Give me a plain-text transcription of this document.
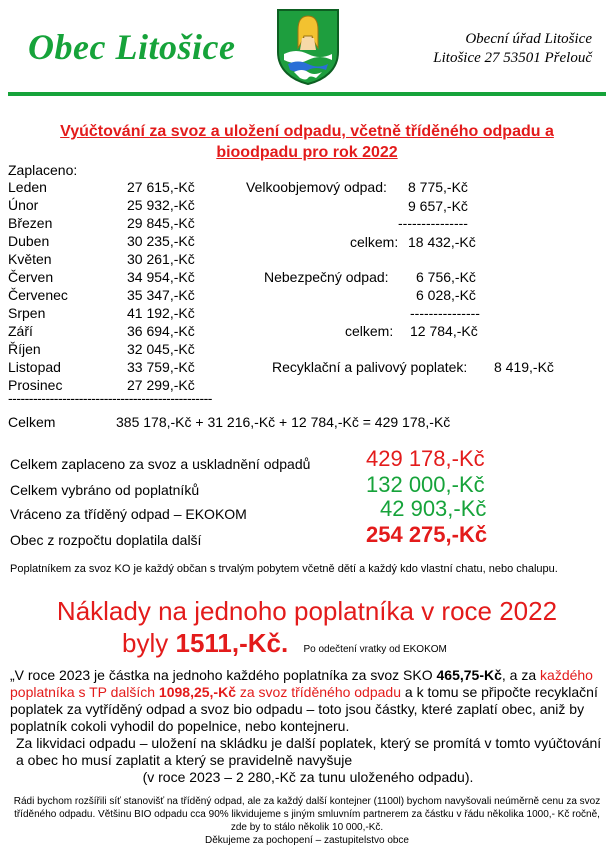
Obec Litošice	Obecní úřad Litošice
Litošice 27 53501 Přelouč
Vyúčtování za svoz a uložení odpadu, včetně tříděného odpadu a
bioodpadu pro rok 2022
Zaplaceno:
Leden	27 615,-Kč
Únor	25 932,-Kč
Březen	29 845,-Kč
Duben	30 235,-Kč
Květen	30 261,-Kč
Červen	34 954,-Kč
Červenec	35 347,-Kč
Srpen	41 192,-Kč
Září	36 694,-Kč
Říjen	32 045,-Kč
Listopad	33 759,-Kč
Prosinec	27 299,-Kč
-------------------------------------------------
Celkem	385 178,-Kč + 31 216,-Kč + 12 784,-Kč = 429 178,-Kč
Velkoobjemový odpad: 8 775,-Kč
9 657,-Kč
---------------
celkem: 18 432,-Kč
Nebezpečný odpad: 6 756,-Kč
6 028,-Kč
---------------
celkem: 12 784,-Kč
Recyklační a palivový poplatek: 8 419,-Kč
Celkem zaplaceno za svoz a uskladnění odpadů	429 178,-Kč
Celkem vybráno od poplatníků	132 000,-Kč
Vráceno za tříděný odpad – EKOKOM	42 903,-Kč
Obec z rozpočtu doplatila další	254 275,-Kč
Poplatníkem za svoz KO je každý občan s trvalým pobytem včetně dětí a každý kdo vlastní chatu, nebo chalupu.
Náklady na jednoho poplatníka v roce 2022
byly 1511,-Kč. Po odečtení vratky od EKOKOM
„V roce 2023 je částka na jednoho každého poplatníka za svoz SKO 465,75-Kč, a za každého poplatníka s TP dalších 1098,25,-Kč za svoz tříděného odpadu a k tomu se připočte recyklační poplatek za vytříděný odpad a svoz bio odpadu – toto jsou částky, které zaplatí obec, aniž by poplatník cokoli vyhodil do popelnice, nebo kontejneru.
Za likvidaci odpadu – uložení na skládku je další poplatek, který se promítá v tomto vyúčtování a obec ho musí zaplatit a který se pravidelně navyšuje
(v roce 2023 – 2 280,-Kč za tunu uloženého odpadu).
Rádi bychom rozšířili síť stanovišť na tříděný odpad, ale za každý další kontejner (1100l) bychom navyšovali neúměrně cenu za svoz tříděného odpadu. Většinu BIO odpadu cca 90% likvidujeme s jiným smluvním partnerem za částku v řádu několika 1000,- Kč ročně, zde by to stálo několik 10 000,-Kč.
Děkujeme za pochopení – zastupitelstvo obce
